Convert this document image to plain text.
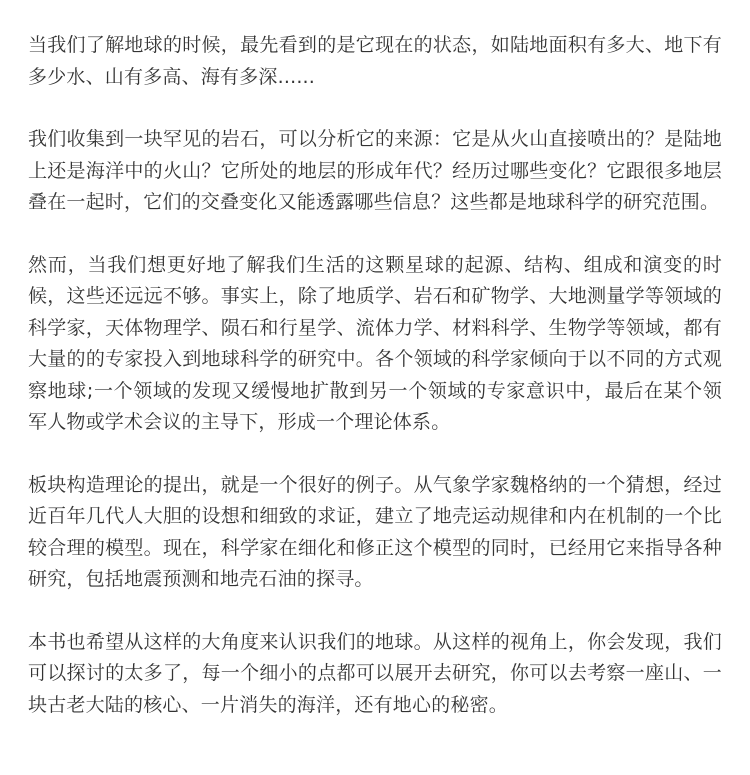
当我们了解地球的时候，最先看到的是它现在的状态，如陆地面积有多大、地下有多少水、山有多高、海有多深......

我们收集到一块罕见的岩石，可以分析它的来源：它是从火山直接喷出的？是陆地上还是海洋中的火山？它所处的地层的形成年代？经历过哪些变化？它跟很多地层叠在一起时，它们的交叠变化又能透露哪些信息？这些都是地球科学的研究范围。

然而，当我们想更好地了解我们生活的这颗星球的起源、结构、组成和演变的时候，这些还远远不够。事实上，除了地质学、岩石和矿物学、大地测量学等领域的科学家，天体物理学、陨石和行星学、流体力学、材料科学、生物学等领域，都有大量的的专家投入到地球科学的研究中。各个领域的科学家倾向于以不同的方式观察地球;一个领域的发现又缓慢地扩散到另一个领域的专家意识中，最后在某个领军人物或学术会议的主导下，形成一个理论体系。

板块构造理论的提出，就是一个很好的例子。从气象学家魏格纳的一个猜想，经过近百年几代人大胆的设想和细致的求证，建立了地壳运动规律和内在机制的一个比较合理的模型。现在，科学家在细化和修正这个模型的同时，已经用它来指导各种研究，包括地震预测和地壳石油的探寻。

本书也希望从这样的大角度来认识我们的地球。从这样的视角上，你会发现，我们可以探讨的太多了，每一个细小的点都可以展开去研究，你可以去考察一座山、一块古老大陆的核心、一片消失的海洋，还有地心的秘密。
